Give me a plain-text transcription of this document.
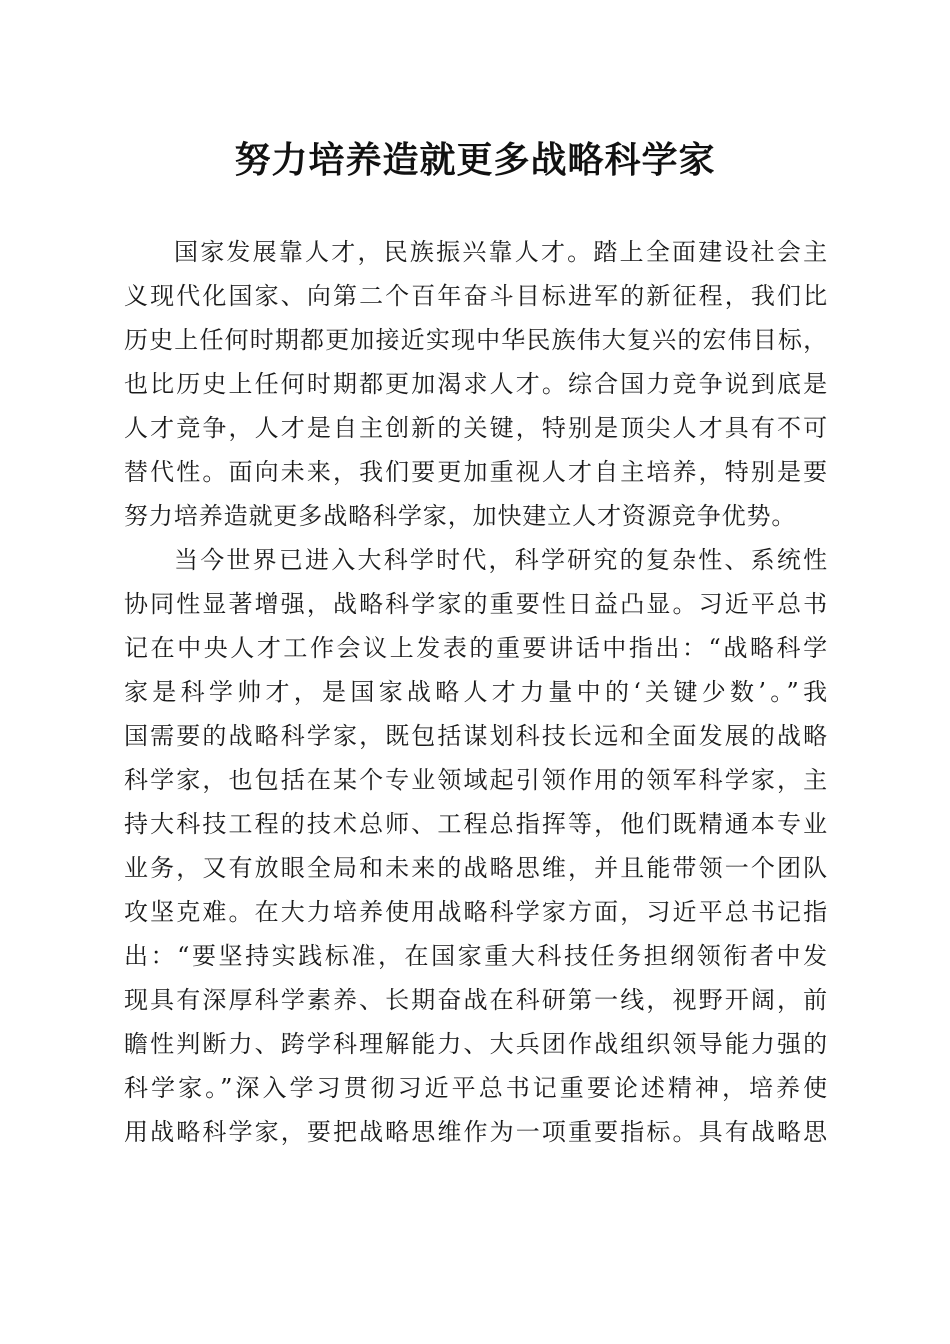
努力培养造就更多战略科学家
国家发展靠人才，民族振兴靠人才。踏上全面建设社会主
义现代化国家、向第二个百年奋斗目标进军的新征程，我们比
历史上任何时期都更加接近实现中华民族伟大复兴的宏伟目标，
也比历史上任何时期都更加渴求人才。综合国力竞争说到底是
人才竞争，人才是自主创新的关键，特别是顶尖人才具有不可
替代性。面向未来，我们要更加重视人才自主培养，特别是要
努力培养造就更多战略科学家，加快建立人才资源竞争优势。
当今世界已进入大科学时代，科学研究的复杂性、系统性
协同性显著增强，战略科学家的重要性日益凸显。习近平总书
记在中央人才工作会议上发表的重要讲话中指出：“战略科学
家是科学帅才，是国家战略人才力量中的‘关键少数’。”我
国需要的战略科学家，既包括谋划科技长远和全面发展的战略
科学家，也包括在某个专业领域起引领作用的领军科学家，主
持大科技工程的技术总师、工程总指挥等，他们既精通本专业
业务，又有放眼全局和未来的战略思维，并且能带领一个团队
攻坚克难。在大力培养使用战略科学家方面，习近平总书记指
出：“要坚持实践标准，在国家重大科技任务担纲领衔者中发
现具有深厚科学素养、长期奋战在科研第一线，视野开阔，前
瞻性判断力、跨学科理解能力、大兵团作战组织领导能力强的
科学家。”深入学习贯彻习近平总书记重要论述精神，培养使
用战略科学家，要把战略思维作为一项重要指标。具有战略思
